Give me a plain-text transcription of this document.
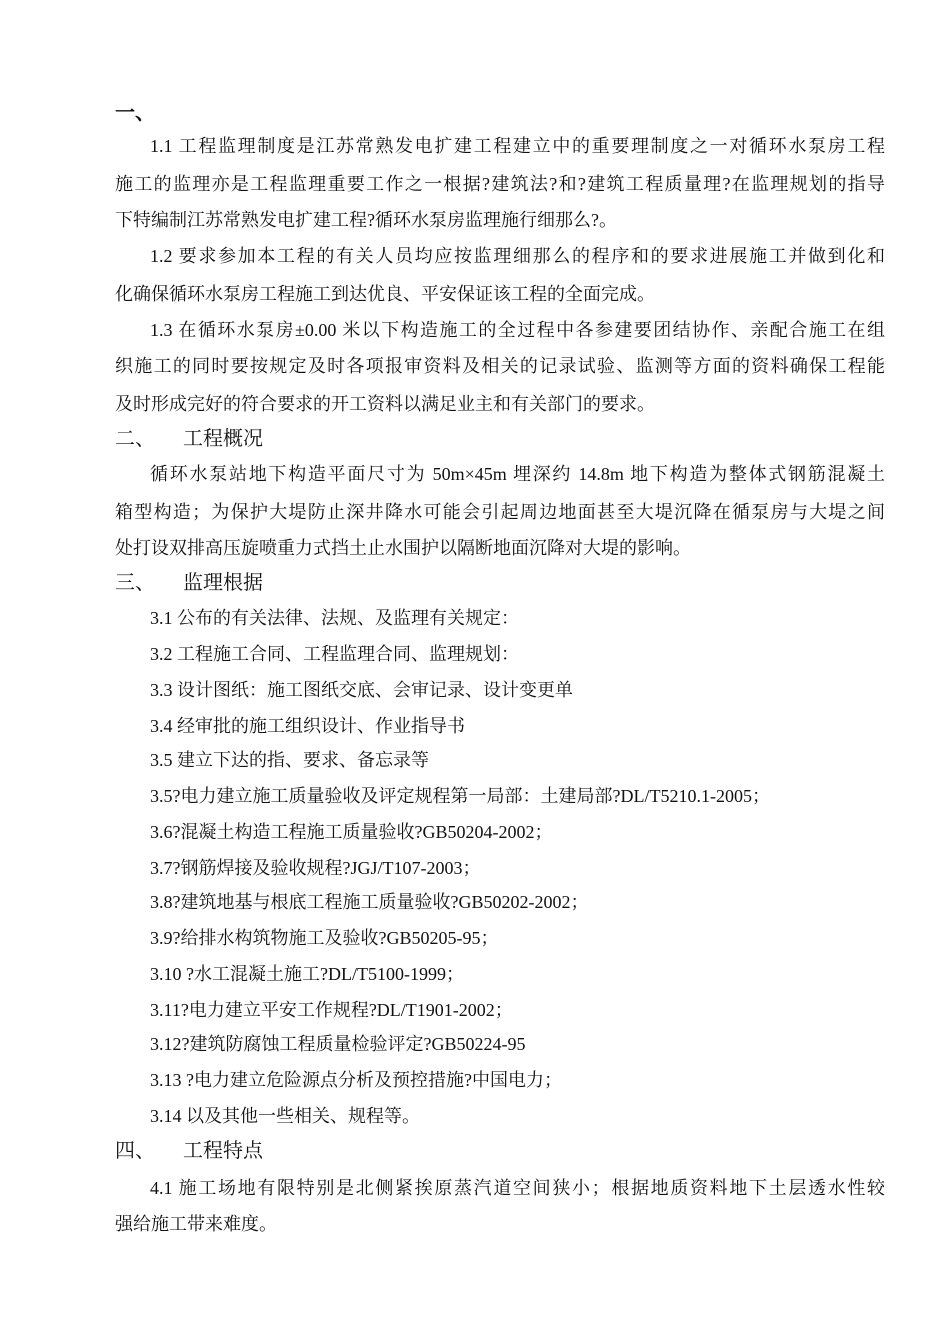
一、
1.1 工程监理制度是江苏常熟发电扩建工程建立中的重要理制度之一对循环水泵房工程
施工的监理亦是工程监理重要工作之一根据?建筑法?和?建筑工程质量理?在监理规划的指导
下特编制江苏常熟发电扩建工程?循环水泵房监理施行细那么?。
1.2 要求参加本工程的有关人员均应按监理细那么的程序和的要求进展施工并做到化和
化确保循环水泵房工程施工到达优良、平安保证该工程的全面完成。
1.3 在循环水泵房±0.00 米以下构造施工的全过程中各参建要团结协作、亲配合施工在组
织施工的同时要按规定及时各项报审资料及相关的记录试验、监测等方面的资料确保工程能
及时形成完好的符合要求的开工资料以满足业主和有关部门的要求。
二、 工程概况
循环水泵站地下构造平面尺寸为 50m×45m 埋深约 14.8m 地下构造为整体式钢筋混凝土
箱型构造；为保护大堤防止深井降水可能会引起周边地面甚至大堤沉降在循泵房与大堤之间
处打设双排高压旋喷重力式挡土止水围护以隔断地面沉降对大堤的影响。
三、 监理根据
3.1 公布的有关法律、法规、及监理有关规定：
3.2 工程施工合同、工程监理合同、监理规划：
3.3 设计图纸：施工图纸交底、会审记录、设计变更单
3.4 经审批的施工组织设计、作业指导书
3.5 建立下达的指、要求、备忘录等
3.5?电力建立施工质量验收及评定规程第一局部：土建局部?DL/T5210.1-2005；
3.6?混凝土构造工程施工质量验收?GB50204-2002；
3.7?钢筋焊接及验收规程?JGJ/T107-2003；
3.8?建筑地基与根底工程施工质量验收?GB50202-2002；
3.9?给排水构筑物施工及验收?GB50205-95；
3.10 ?水工混凝土施工?DL/T5100-1999；
3.11?电力建立平安工作规程?DL/T1901-2002；
3.12?建筑防腐蚀工程质量检验评定?GB50224-95
3.13 ?电力建立危险源点分析及预控措施?中国电力；
3.14 以及其他一些相关、规程等。
四、 工程特点
4.1 施工场地有限特别是北侧紧挨原蒸汽道空间狭小；根据地质资料地下土层透水性较
强给施工带来难度。
